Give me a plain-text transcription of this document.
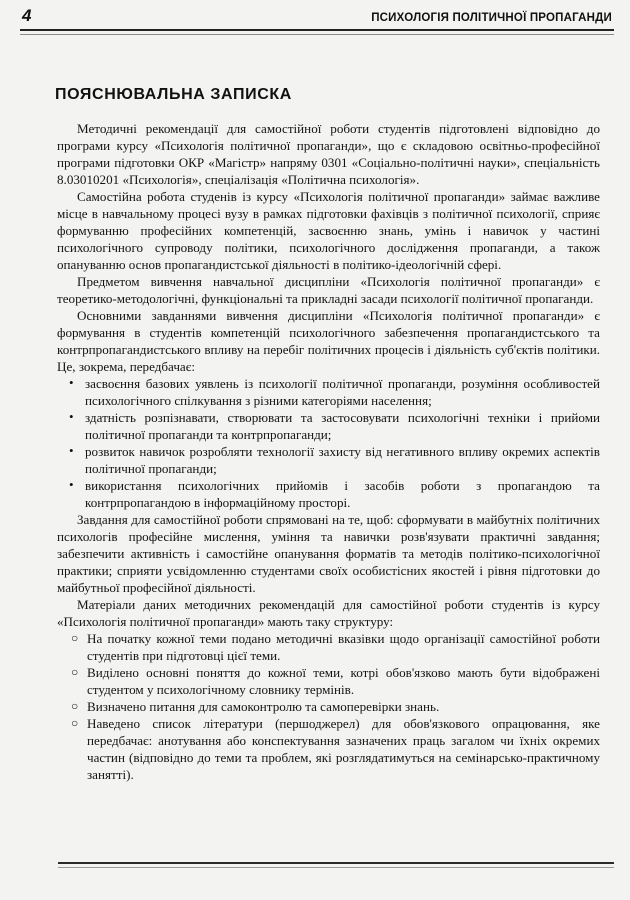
4	ПСИХОЛОГІЯ ПОЛІТИЧНОЇ ПРОПАГАНДИ
ПОЯСНЮВАЛЬНА ЗАПИСКА

Методичні рекомендації для самостійної роботи студентів підготовлені відповідно до програми курсу «Психологія політичної пропаганди», що є складовою освітньо-професійної програми підготовки ОКР «Магістр» напряму 0301 «Соціально-політичні науки», спеціальність 8.03010201 «Психологія», спеціалізація «Політична психологія».

Самостійна робота студенів із курсу «Психологія політичної пропаганди» займає важливе місце в навчальному процесі вузу в рамках підготовки фахівців з політичної психології, сприяє формуванню професійних компетенцій, засвоєнню знань, умінь і навичок у частині психологічного супроводу політики, психологічного дослідження пропаганди, а також опануванню основ пропагандистської діяльності в політико-ідеологічній сфері.

Предметом вивчення навчальної дисципліни «Психологія політичної пропаганди» є теоретико-методологічні, функціональні та прикладні засади психології політичної пропаганди.

Основними завданнями вивчення дисципліни «Психологія політичної пропаганди» є формування в студентів компетенцій психологічного забезпечення пропагандистського та контрпропагандистського впливу на перебіг політичних процесів і діяльність суб'єктів політики. Це, зокрема, передбачає:

• засвоєння базових уявлень із психології політичної пропаганди, розуміння особливостей психологічного спілкування з різними категоріями населення;
• здатність розпізнавати, створювати та застосовувати психологічні техніки і прийоми політичної пропаганди та контрпропаганди;
• розвиток навичок розробляти технології захисту від негативного впливу окремих аспектів політичної пропаганди;
• використання психологічних прийомів і засобів роботи з пропагандою та контрпропагандою в інформаційному просторі.

Завдання для самостійної роботи спрямовані на те, щоб: сформувати в майбутніх політичних психологів професійне мислення, уміння та навички розв'язувати практичні завдання; забезпечити активність і самостійне опанування форматів та методів політико-психологічної практики; сприяти усвідомленню студентами своїх особистісних якостей і рівня підготовки до майбутньої професійної діяльності.

Матеріали даних методичних рекомендацій для самостійної роботи студентів із курсу «Психологія політичної пропаганди» мають таку структуру:

○ На початку кожної теми подано методичні вказівки щодо організації самостійної роботи студентів при підготовці цієї теми.
○ Виділено основні поняття до кожної теми, котрі обов'язково мають бути відображені студентом у психологічному словнику термінів.
○ Визначено питання для самоконтролю та самоперевірки знань.
○ Наведено список літератури (першоджерел) для обов'язкового опрацювання, яке передбачає: анотування або конспектування зазначених праць загалом чи їхніх окремих частин (відповідно до теми та проблем, які розглядатимуться на семінарсько-практичному занятті).
